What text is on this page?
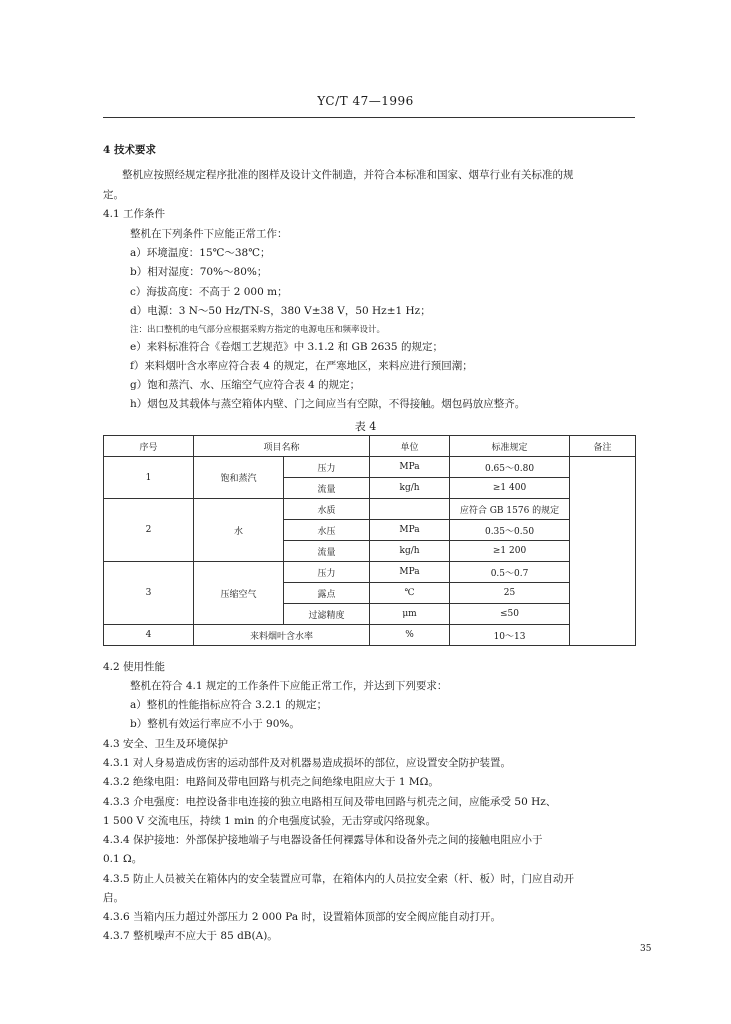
YC/T 47—1996
4 技术要求
整机应按照经规定程序批准的图样及设计文件制造，并符合本标准和国家、烟草行业有关标准的规
定。
4.1 工作条件
整机在下列条件下应能正常工作：
a）环境温度：15℃～38℃；
b）相对湿度：70%～80%；
c）海拔高度：不高于 2 000 m；
d）电源：3 N～50 Hz/TN-S，380 V±38 V，50 Hz±1 Hz；
注：出口整机的电气部分应根据采购方指定的电源电压和频率设计。
e）来料标准符合《卷烟工艺规范》中 3.1.2 和 GB 2635 的规定；
f）来料烟叶含水率应符合表 4 的规定，在严寒地区，来料应进行预回潮；
g）饱和蒸汽、水、压缩空气应符合表 4 的规定；
h）烟包及其载体与蒸空箱体内壁、门之间应当有空隙，不得接触。烟包码放应整齐。
表 4
序号	项目名称		单位	标准规定	备注
1	饱和蒸汽	压力	MPa	0.65～0.80	
		流量	kg/h	≥1 400	
2	水	水质		应符合 GB 1576 的规定	
		水压	MPa	0.35～0.50	
		流量	kg/h	≥1 200	
3	压缩空气	压力	MPa	0.5～0.7	
		露点	℃	25	
		过滤精度	μm	≤50	
4	来料烟叶含水率		%	10～13	
4.2 使用性能
整机在符合 4.1 规定的工作条件下应能正常工作，并达到下列要求：
a）整机的性能指标应符合 3.2.1 的规定；
b）整机有效运行率应不小于 90%。
4.3 安全、卫生及环境保护
4.3.1 对人身易造成伤害的运动部件及对机器易造成损坏的部位，应设置安全防护装置。
4.3.2 绝缘电阻：电路间及带电回路与机壳之间绝缘电阻应大于 1 MΩ。
4.3.3 介电强度：电控设备非电连接的独立电路相互间及带电回路与机壳之间，应能承受 50 Hz、
1 500 V 交流电压，持续 1 min 的介电强度试验，无击穿或闪络现象。
4.3.4 保护接地：外部保护接地端子与电器设备任何裸露导体和设备外壳之间的接触电阻应小于
0.1 Ω。
4.3.5 防止人员被关在箱体内的安全装置应可靠，在箱体内的人员拉安全索（杆、板）时，门应自动开
启。
4.3.6 当箱内压力超过外部压力 2 000 Pa 时，设置箱体顶部的安全阀应能自动打开。
4.3.7 整机噪声不应大于 85 dB(A)。
35
